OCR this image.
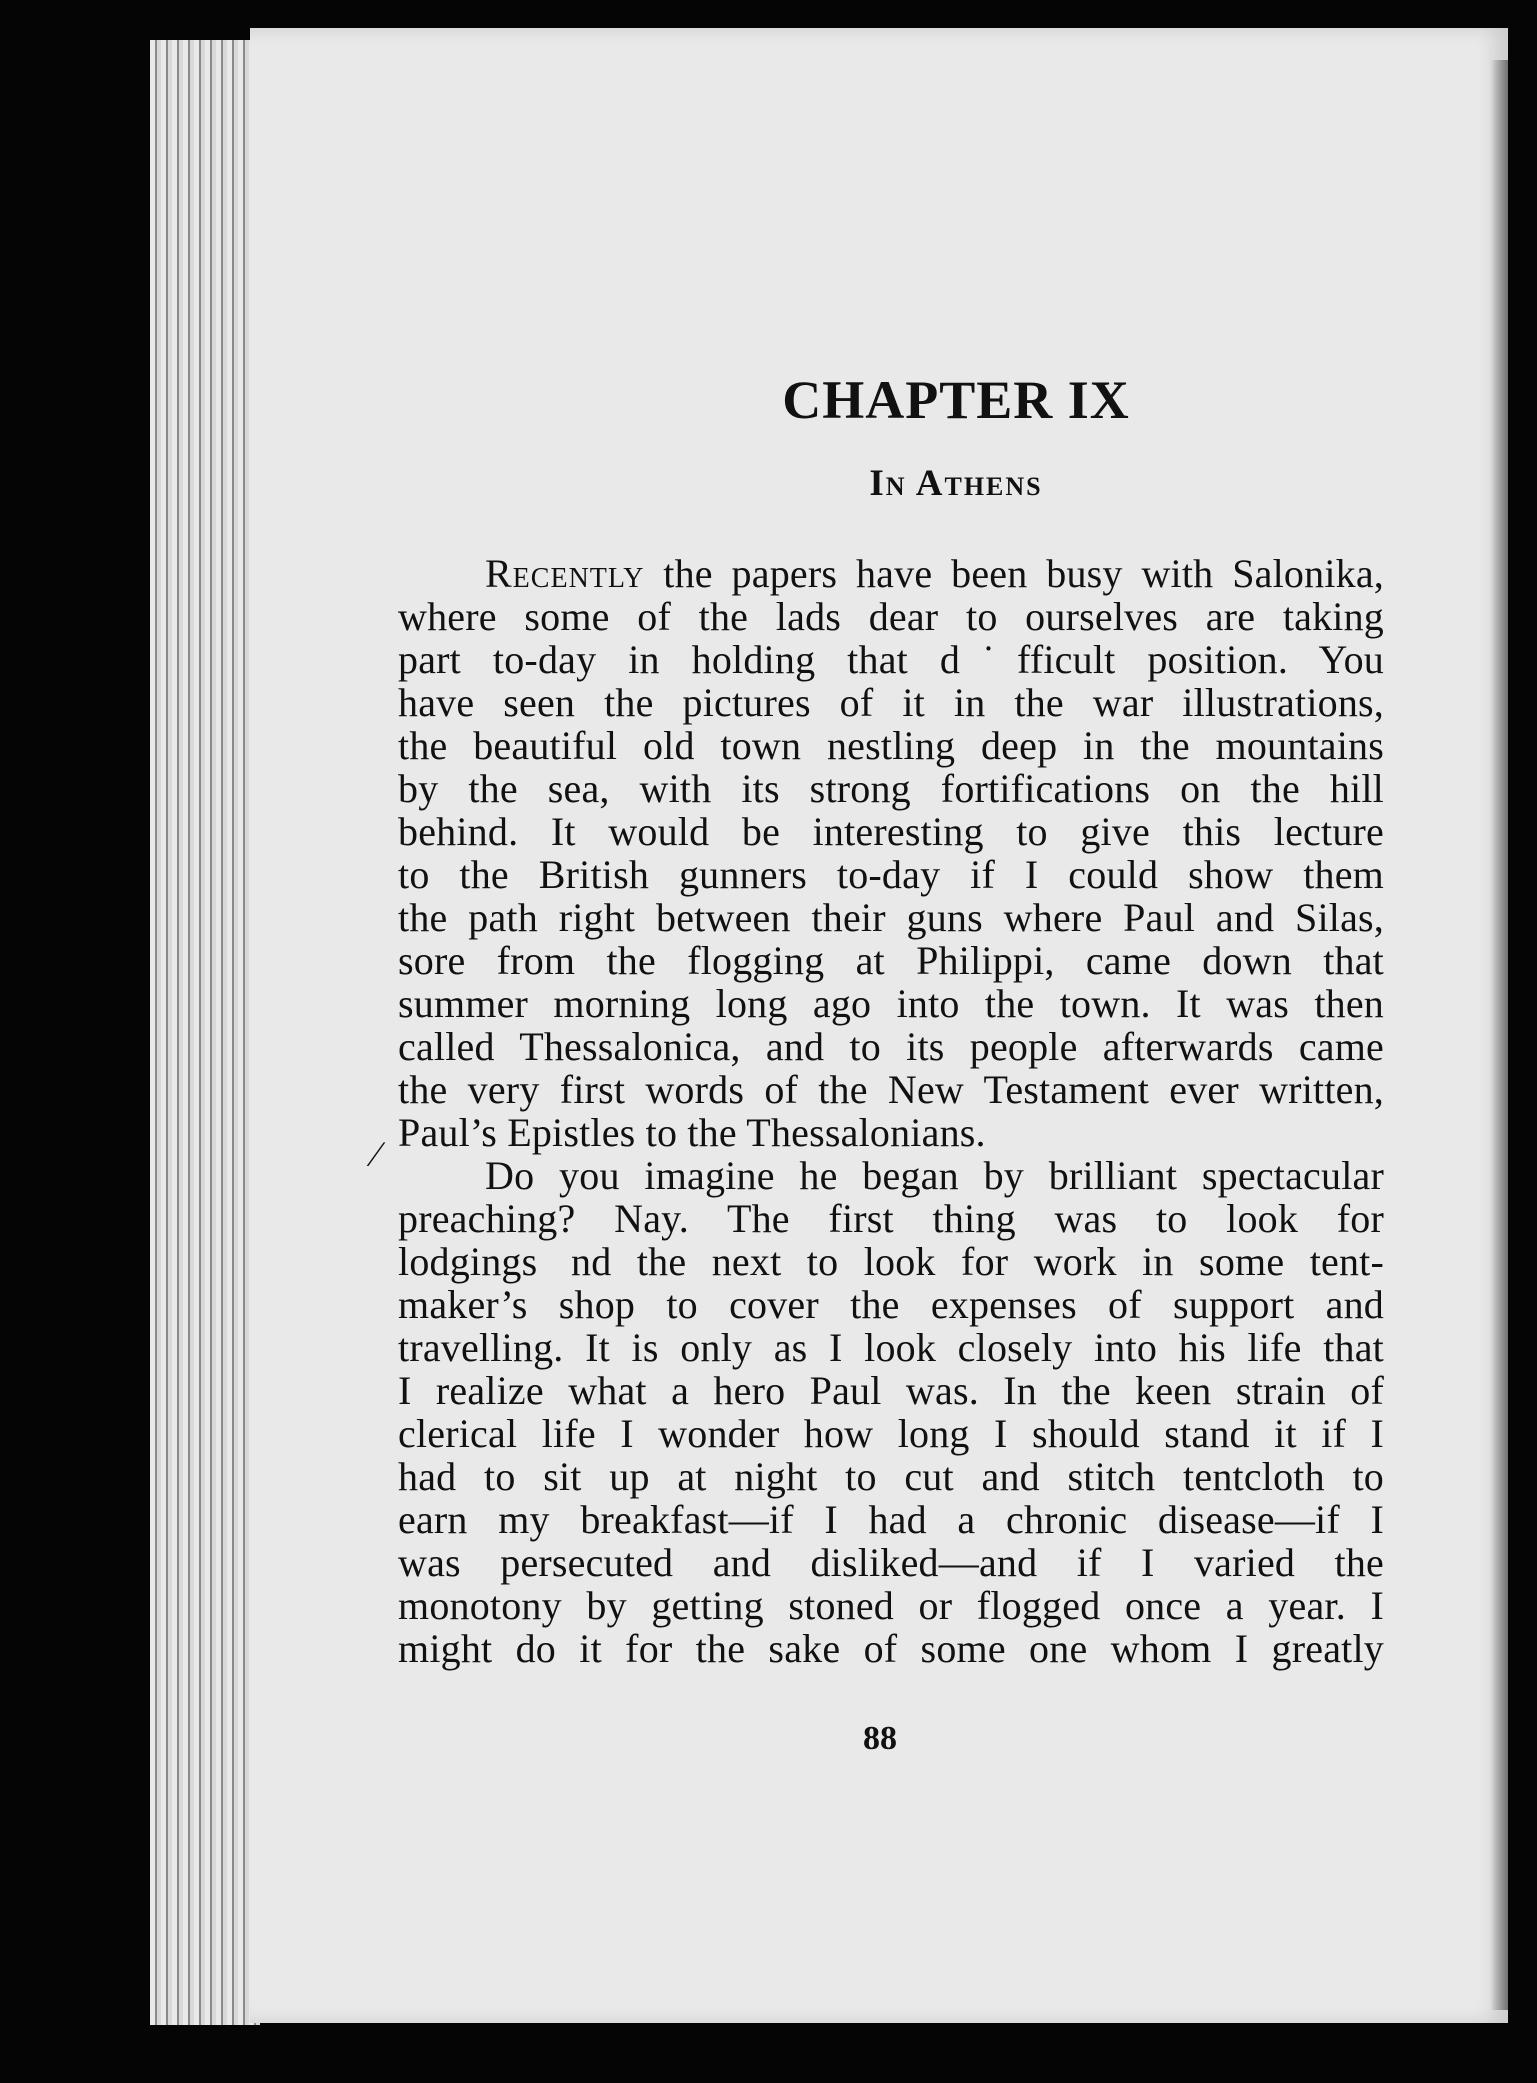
CHAPTER IX
In Athens
Recently the papers have been busy with Salonika,
where some of the lads dear to ourselves are taking
part to-day in holding that d˙fficult position. You
have seen the pictures of it in the war illustrations,
the beautiful old town nestling deep in the mountains
by the sea, with its strong fortifications on the hill
behind. It would be interesting to give this lecture
to the British gunners to-day if I could show them
the path right between their guns where Paul and Silas,
sore from the flogging at Philippi, came down that
summer morning long ago into the town. It was then
called Thessalonica, and to its people afterwards came
the very first words of the New Testament ever written,
Paul’s Epistles to the Thessalonians.
Do you imagine he began by brilliant spectacular
preaching? Nay. The first thing was to look for
lodgings  nd the next to look for work in some tent-
maker’s shop to cover the expenses of support and
travelling. It is only as I look closely into his life that
I realize what a hero Paul was. In the keen strain of
clerical life I wonder how long I should stand it if I
had to sit up at night to cut and stitch tentcloth to
earn my breakfast—if I had a chronic disease—if I
was persecuted and disliked—and if I varied the
monotony by getting stoned or flogged once a year. I
might do it for the sake of some one whom I greatly
∕
88
